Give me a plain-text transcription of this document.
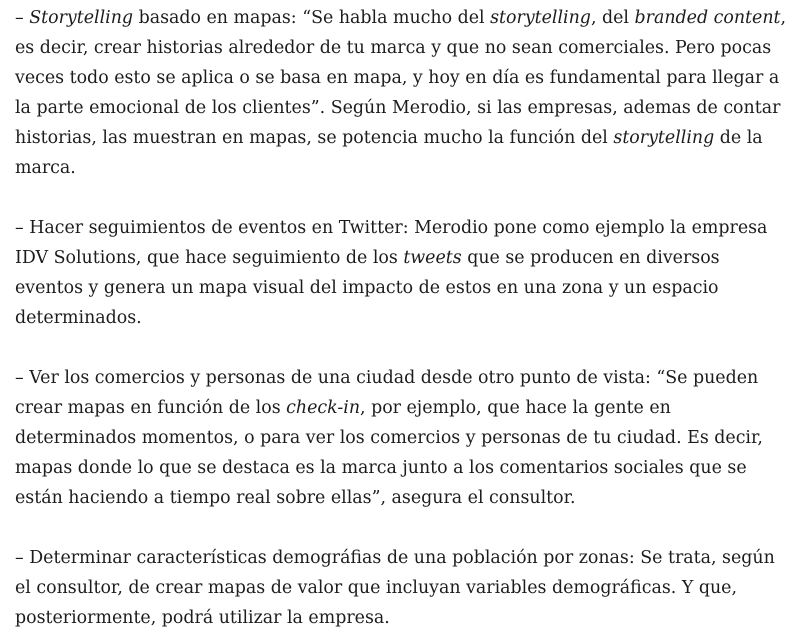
– Storytelling basado en mapas: “Se habla mucho del storytelling, del branded content, es decir, crear historias alrededor de tu marca y que no sean comerciales. Pero pocas veces todo esto se aplica o se basa en mapa, y hoy en día es fundamental para llegar a la parte emocional de los clientes”. Según Merodio, si las empresas, ademas de contar historias, las muestran en mapas, se potencia mucho la función del storytelling de la marca.

– Hacer seguimientos de eventos en Twitter: Merodio pone como ejemplo la empresa IDV Solutions, que hace seguimiento de los tweets que se producen en diversos eventos y genera un mapa visual del impacto de estos en una zona y un espacio determinados.

– Ver los comercios y personas de una ciudad desde otro punto de vista: “Se pueden crear mapas en función de los check-in, por ejemplo, que hace la gente en determinados momentos, o para ver los comercios y personas de tu ciudad. Es decir, mapas donde lo que se destaca es la marca junto a los comentarios sociales que se están haciendo a tiempo real sobre ellas”, asegura el consultor.

– Determinar características demográfias de una población por zonas: Se trata, según el consultor, de crear mapas de valor que incluyan variables demográficas. Y que, posteriormente, podrá utilizar la empresa.
